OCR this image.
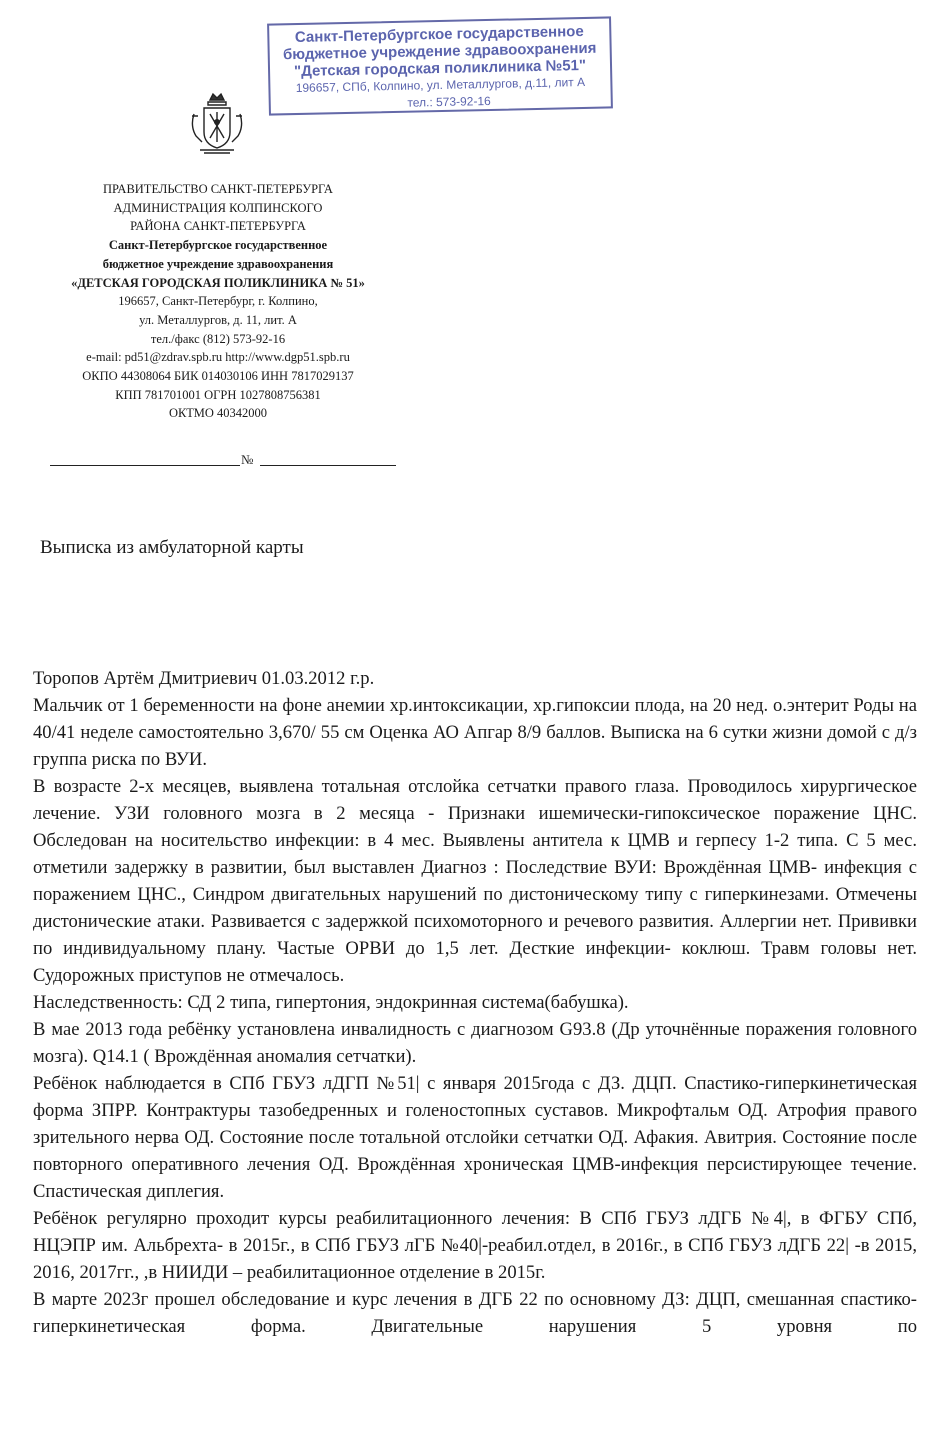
Санкт-Петербургское государственное
бюджетное учреждение здравоохранения
"Детская городская поликлиника №51"
196657, СПб, Колпино, ул. Металлургов, д.11, лит А
тел.: 573-92-16
ПРАВИТЕЛЬСТВО САНКТ-ПЕТЕРБУРГА
АДМИНИСТРАЦИЯ КОЛПИНСКОГО
РАЙОНА САНКТ-ПЕТЕРБУРГА
Санкт-Петербургское государственное
бюджетное учреждение здравоохранения
«ДЕТСКАЯ ГОРОДСКАЯ ПОЛИКЛИНИКА № 51»
196657, Санкт-Петербург, г. Колпино,
ул. Металлургов, д. 11, лит. А
тел./факс (812) 573-92-16
e-mail: pd51@zdrav.spb.ru http://www.dgp51.spb.ru
ОКПО 44308064 БИК 014030106 ИНН 7817029137
КПП 781701001 ОГРН 1027808756381
ОКТМО 40342000
№
Выписка из амбулаторной карты

Торопов Артём Дмитриевич 01.03.2012 г.р.

Мальчик от 1 беременности на фоне анемии хр.интоксикации, хр.гипоксии плода, на 20 нед. о.энтерит Роды на 40/41 неделе самостоятельно 3,670/ 55 см Оценка АО Апгар 8/9 баллов. Выписка на 6 сутки жизни домой с д/з группа риска по ВУИ.

В возрасте 2-х месяцев, выявлена тотальная отслойка сетчатки правого глаза. Проводилось хирургическое лечение. УЗИ головного мозга в 2 месяца - Признаки ишемически-гипоксическое поражение ЦНС. Обследован на носительство инфекции: в 4 мес. Выявлены антитела к ЦМВ и герпесу 1-2 типа. С 5 мес. отметили задержку в развитии, был выставлен Диагноз : Последствие ВУИ: Врождённая ЦМВ- инфекция с поражением ЦНС., Синдром двигательных нарушений по дистоническому типу с гиперкинезами. Отмечены дистонические атаки. Развивается с задержкой психомоторного и речевого развития. Аллергии нет. Прививки по индивидуальному плану. Частые ОРВИ до 1,5 лет. Десткие инфекции- коклюш. Травм головы нет. Судорожных приступов не отмечалось.

Наследственность: СД 2 типа, гипертония, эндокринная система(бабушка).

В мае 2013 года ребёнку установлена инвалидность с диагнозом G93.8 (Др уточнённые поражения головного мозга). Q14.1 ( Врождённая аномалия сетчатки).

Ребёнок наблюдается в СПб ГБУЗ лДГП №51| с января 2015года с ДЗ. ДЦП. Спастико-гиперкинетическая форма ЗПРР. Контрактуры тазобедренных и голеностопных суставов. Микрофтальм ОД. Атрофия правого зрительного нерва ОД. Состояние после тотальной отслойки сетчатки ОД. Афакия. Авитрия. Состояние после повторного оперативного лечения ОД. Врождённая хроническая ЦМВ-инфекция персистирующее течение. Спастическая диплегия.

Ребёнок регулярно проходит курсы реабилитационного лечения: В СПб ГБУЗ лДГБ №4|, в ФГБУ СПб, НЦЭПР им. Альбрехта- в 2015г., в СПб ГБУЗ лГБ №40|-реабил.отдел, в 2016г., в СПб ГБУЗ лДГБ 22| -в 2015, 2016, 2017гг., ,в НИИДИ – реабилитационное отделение в 2015г.

В марте 2023г прошел обследование и курс лечения в ДГБ 22 по основному ДЗ: ДЦП, смешанная спастико-гиперкинетическая форма. Двигательные нарушения 5 уровня по
